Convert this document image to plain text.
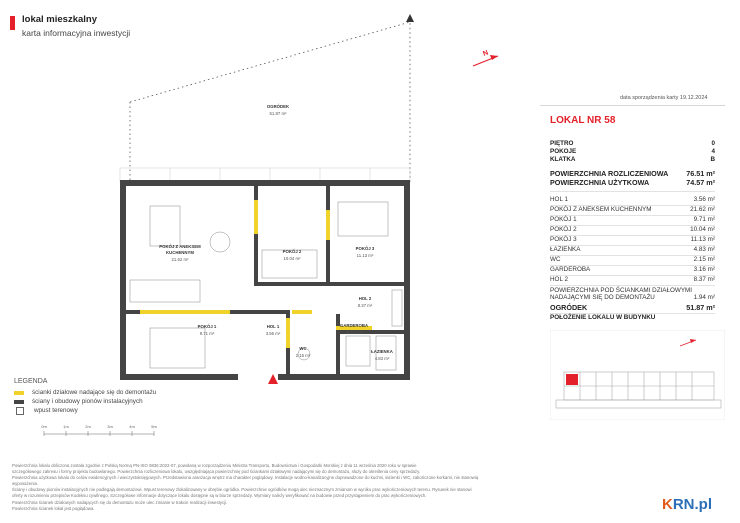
lokal mieszkalny
karta informacyjna inwestycji
N
OGRÓDEK
51.87 m²
POKÓJ Z ANEKSEM
KUCHENNYM
21.62 m²
POKÓJ 2
10.04 m²
POKÓJ 3
11.13 m²
POKÓJ 1
9.71 m²
HOL 1
3.56 m²
HOL 2
8.37 m²
WC
2.15 m²
GARDEROBA
3.16 m²
ŁAZIENKA
4.83 m²
data sporządzenia karty 19.12.2024
LOKAL NR 58
PIĘTRO	0
POKOJE	4
KLATKA	B
POWIERZCHNIA ROZLICZENIOWA 76.51 m²
POWIERZCHNIA UŻYTKOWA	74.57 m²
HOL 1	3.56 m²
POKÓJ Z ANEKSEM KUCHENNYM	21.62 m²
POKÓJ 1	9.71 m²
POKÓJ 2	10.04 m²
POKÓJ 3	11.13 m²
ŁAZIENKA	4.83 m²
WC	2.15 m²
GARDEROBA	3.16 m²
HOL 2	8.37 m²
POWIERZCHNIA POD ŚCIANKAMI DZIAŁOWYMI
NADAJĄCYMI SIĘ DO DEMONTAŻU	1.94 m²
OGRÓDEK	51.87 m²
POŁOŻENIE LOKALU W BUDYNKU
LEGENDA
ścianki działowe nadające się do demontażu
ściany i obudowy pionów instalacyjnych
wpust terenowy
0m	1m	2m	3m	4m	5m
Powierzchnia lokalu obliczona została zgodnie z Polską Normą PN-ISO 9836:2022-07, powołaną w rozporządzeniu Ministra Transportu, Budownictwa i Gospodarki Morskiej z dnia 11 września 2020 roku w sprawie
szczegółowego zakresu i formy projektu budowlanego. Powierzchnia rozliczeniowa lokalu, uwzględniająca powierzchnię pod ściankami działowymi nadającymi się do demontażu, służy do określenia ceny sprzedaży.
Powierzchnia użytkowa lokalu do celów ewidencyjnych i wieczystoksięgowych. Przedstawiona aranżacja wnętrz ma charakter poglądowy. Instalacje wodno-kanalizacyjne doprowadzone do kuchni, łazienki i WC, zakończone korkami, nie stanowią wyposażenia.
Ściany i obudowy pionów instalacyjnych nie podlegają demontażowi. Wpust terenowy zlokalizowany w obrębie ogródka. Powierzchnie ogródków mogą ulec nieznacznym zmianom w wyniku prac wykończeniowych terenu. Rysunek nie stanowi
oferty w rozumieniu przepisów Kodeksu cywilnego. Szczegółowe informacje dotyczące lokalu dostępne są w biurze sprzedaży. Wymiary należy weryfikować na budowie przed przystąpieniem do prac wykończeniowych.
Powierzchnia ścianek działowych nadających się do demontażu może ulec zmianie w trakcie realizacji inwestycji.
Powierzchnia ścianek lokal jest poglądowa.	KRN.pl
